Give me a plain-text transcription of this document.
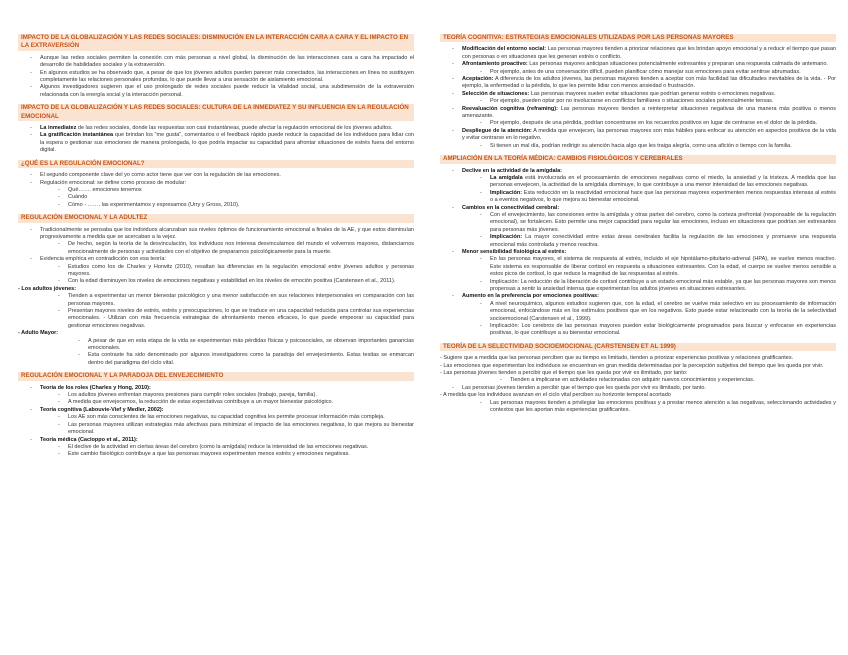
IMPACTO DE LA GLOBALIZACIÓN Y LAS REDES SOCIALES: DISMINUCIÓN EN LA INTERACCIÓN CARA A CARA Y EL IMPACTO EN LA EXTRAVERSIÓN
- Aunque las redes sociales permiten la conexión con más personas a nivel global, la disminución de las interacciones cara a cara ha impactado el desarrollo de habilidades sociales y la extraversión.
- En algunos estudios se ha observado que, a pesar de que los jóvenes adultos pueden parecer más conectados, las interacciones en línea no sustituyen completamente las relaciones personales profundas, lo que puede llevar a una sensación de aislamiento emocional.
- Algunos investigadores sugieren que el uso prolongado de redes sociales puede reducir la vitalidad social, una subdimensión de la extraversión relacionada con la energía social y la interacción personal.
IMPACTO DE LA GLOBALIZACIÓN Y LAS REDES SOCIALES: CULTURA DE LA INMEDIATEZ Y SU INFLUENCIA EN LA REGULACIÓN EMOCIONAL
- La inmediatez de las redes sociales, donde las respuestas son casi instantáneas, puede afectar la regulación emocional de los jóvenes adultos.
- La gratificación instantánea que brindan los "me gusta", comentarios o el feedback rápido puede reducir la capacidad de los individuos para lidiar con la espera o gestionar sus emociones de manera prolongada, lo que podría impactar su capacidad para afrontar situaciones de estrés fuera del entorno digital.
¿QUÉ ES LA REGULACIÓN EMOCIONAL?
- El segundo componente clave del yo como actor tiene que ver con la regulación de las emociones.
- Regulación emocional: se define como proceso de modular:
- Qué……. emociones tenemos
- Cuándo
- Cómo - ……. las experimentamos y expresamos (Urry y Gross, 2010).
REGULACIÓN EMOCIONAL Y LA ADULTEZ
- Tradicionalmente se pensaba que los individuos alcanzaban sus niveles óptimos de funcionamiento emocional a finales de la AE, y que estos disminuían progresivamente a medida que se acercaban a la vejez.
- De hecho, según la teoría de la desvinculación, los individuos nos interesa desvincularnos del mundo el volvernos mayores, distanciarnos emocionalmente de personas y actividades con el objetivo de prepararnos psicológicamente para la muerte.
- Evidencia empírica en contradicción con esa teoría:
- Estudios como los de Charles y Horwitz (2010), resaltan las diferencias en la regulación emocional entre jóvenes adultos y personas mayores.
- Con la edad disminuyen los niveles de emociones negativas y estabilidad en los niveles de emoción positiva (Carstensen et al., 2011).
- Los adultos jóvenes:
- Tienden a experimentar un menor bienestar psicológico y una menor satisfacción en sus relaciones interpersonales en comparación con las personas mayores.
- Presentan mayores niveles de estrés, estrés y preocupaciones, lo que se traduce en una capacidad reducida para controlar sus experiencias emocionales. - Utilizan con más frecuencia estrategias de afrontamiento menos eficaces, lo que puede empeorar su capacidad para gestionar emociones negativas.
- Adulto Mayor:
- A pesar de que en esta etapa de la vida se experimentan más pérdidas físicas y psicosociales, se observan importantes ganancias emocionales.
- Esta contraste ha sido denominado por algunos investigadores como la paradoja del envejecimiento. Estas tesitas se enmarcan dentro del paradigma del ciclo vital.
REGULACIÓN EMOCIONAL Y LA PARADOJA DEL ENVEJECIMIENTO
- Teoría de los roles (Charles y Hong, 2010):
- Los adultos jóvenes enfrentan mayores presiones para cumplir roles sociales (trabajo, pareja, familia).
- A medida que envejecemos, la reducción de estas expectativas contribuye a un mayor bienestar psicológico.
- Teoría cognitiva (Labouvie-Vief y Medler, 2002):
- Los AE son más conscientes de las emociones negativas, su capacidad cognitiva les permite procesar información más compleja.
- Las personas mayores utilizan estrategias más afectivas para minimizar el impacto de las emociones negativas, lo que mejora su bienestar emocional.
- Teoría médica (Cacioppo et al., 2011):
- El declive de la actividad en ciertas áreas del cerebro (como la amígdala) reduce la intensidad de las emociones negativas.
- Este cambio fisiológico contribuye a que las personas mayores experimenten menos estrés y emociones negativas.
TEORÍA COGNITIVA: ESTRATEGIAS EMOCIONALES UTILIZADAS POR LAS PERSONAS MAYORES
- Modificación del entorno social: Las personas mayores tienden a priorizar relaciones que les brindan apoyo emocional y a reducir el tiempo que pasan con personas o en situaciones que les generan estrés o conflicto.
- Afrontamiento proactivo: Las personas mayores anticipan situaciones potencialmente estresantes y preparan una respuesta calmada de antemano.
- Por ejemplo, antes de una conversación difícil, pueden planificar cómo manejar sus emociones para evitar sentirse abrumadas.
- Aceptación: A diferencia de los adultos jóvenes, las personas mayores tienden a aceptar con más facilidad las dificultades inevitables de la vida. - Por ejemplo, la enfermedad o la pérdida, lo que les permite lidiar con menos ansiedad o frustración.
- Selección de situaciones: Las personas mayores suelen evitar situaciones que podrían generar estrés o emociones negativas.
- Por ejemplo, pueden optar por no involucrarse en conflictos familiares o situaciones sociales potencialmente tensas.
- Reevaluación cognitiva (reframing): Las personas mayores tienden a reinterpretar situaciones negativas de una manera más positiva o menos amenazante.
- Por ejemplo, después de una pérdida, podrían concentrarse en los recuerdos positivos en lugar de centrarse en el dolor de la pérdida.
- Despliegue de la atención: A medida que envejecen, las personas mayores son más hábiles para enfocar su atención en aspectos positivos de la vida y evitar centrarse en lo negativo.
- Si tienen un mal día, podrían redirigir su atención hacia algo que les traiga alegría, como una afición o tiempo con la familia.
AMPLIACIÓN EN LA TEORÍA MÉDICA: CAMBIOS FISIOLÓGICOS Y CEREBRALES
- Declive en la actividad de la amígdala:
- La amígdala está involucrada en el procesamiento de emociones negativas como el miedo, la ansiedad y la tristeza. A medida que las personas envejecen, la actividad de la amígdala disminuye, lo que contribuye a una menor intensidad de las emociones negativas.
- Implicación: Esta reducción en la reactividad emocional hace que las personas mayores experimenten menos respuestas intensas al estrés o a eventos negativos, lo que mejora su bienestar emocional.
- Cambios en la conectividad cerebral:
- Con el envejecimiento, las conexiones entre la amígdala y otras partes del cerebro, como la corteza prefrontal (responsable de la regulación emocional), se fortalecen. Esto permite una mejor capacidad para regular las emociones, incluso en situaciones que podrían ser estresantes para personas más jóvenes.
- Implicación: La mayor conectividad entre estas áreas cerebrales facilita la regulación de las emociones y promueve una respuesta emocional más controlada y menos reactiva.
- Menor sensibilidad fisiológica al estrés:
- En las personas mayores, el sistema de respuesta al estrés, incluido el eje hipotálamo-pituitario-adrenal (HPA), se vuelve menos reactivo. Este sistema es responsable de liberar cortisol en respuesta a situaciones estresantes. Con la edad, el cuerpo se vuelve menos sensible a estos picos de cortisol, lo que reduce la magnitud de las respuestas al estrés.
- Implicación: La reducción de la liberación de cortisol contribuye a un estado emocional más estable, ya que las personas mayores son menos propensas a sentir la ansiedad intensa que experimentan los adultos jóvenes en situaciones estresantes.
- Aumento en la preferencia por emociones positivas:
- A nivel neuroquímico, algunos estudios sugieren que, con la edad, el cerebro se vuelve más selectivo en su procesamiento de información emocional, enfocándose más en los estímulos positivos que en los negativos. Esto puede estar relacionado con la teoría de la selectividad socioemocional (Carstensen et al., 1999).
- Implicación: Los cerebros de las personas mayores pueden estar biológicamente programados para buscar y enfocarse en experiencias positivas, lo que contribuye a su bienestar emocional.
TEORÍA DE LA SELECTIVIDAD SOCIOEMOCIONAL (CARSTENSEN ET AL 1999)
- Sugiere que a medida que las personas perciben que su tiempo es limitado, tienden a priorizar experiencias positivas y relaciones gratificantes.
- Las emociones que experimentan los individuos se encuentran en gran medida determinadas por la percepción subjetiva del tiempo que les queda por vivir.
- Las personas jóvenes tienden a percibir que el tiempo que les queda por vivir es ilimitado, por tanto:
- Tienden a implicarse en actividades relacionadas con adquirir nuevos conocimientos y experiencias.
- Las personas jóvenes tienden a percibir que el tiempo que les queda por vivir es ilimitado, por tanto.
- A medida que los individuos avanzan en el ciclo vital perciben su horizonte temporal acortado
- Las personas mayores tienden a privilegiar las emociones positivas y a prestar menos atención a las negativas, seleccionando actividades y contextos que les aportan más experiencias gratificantes.
